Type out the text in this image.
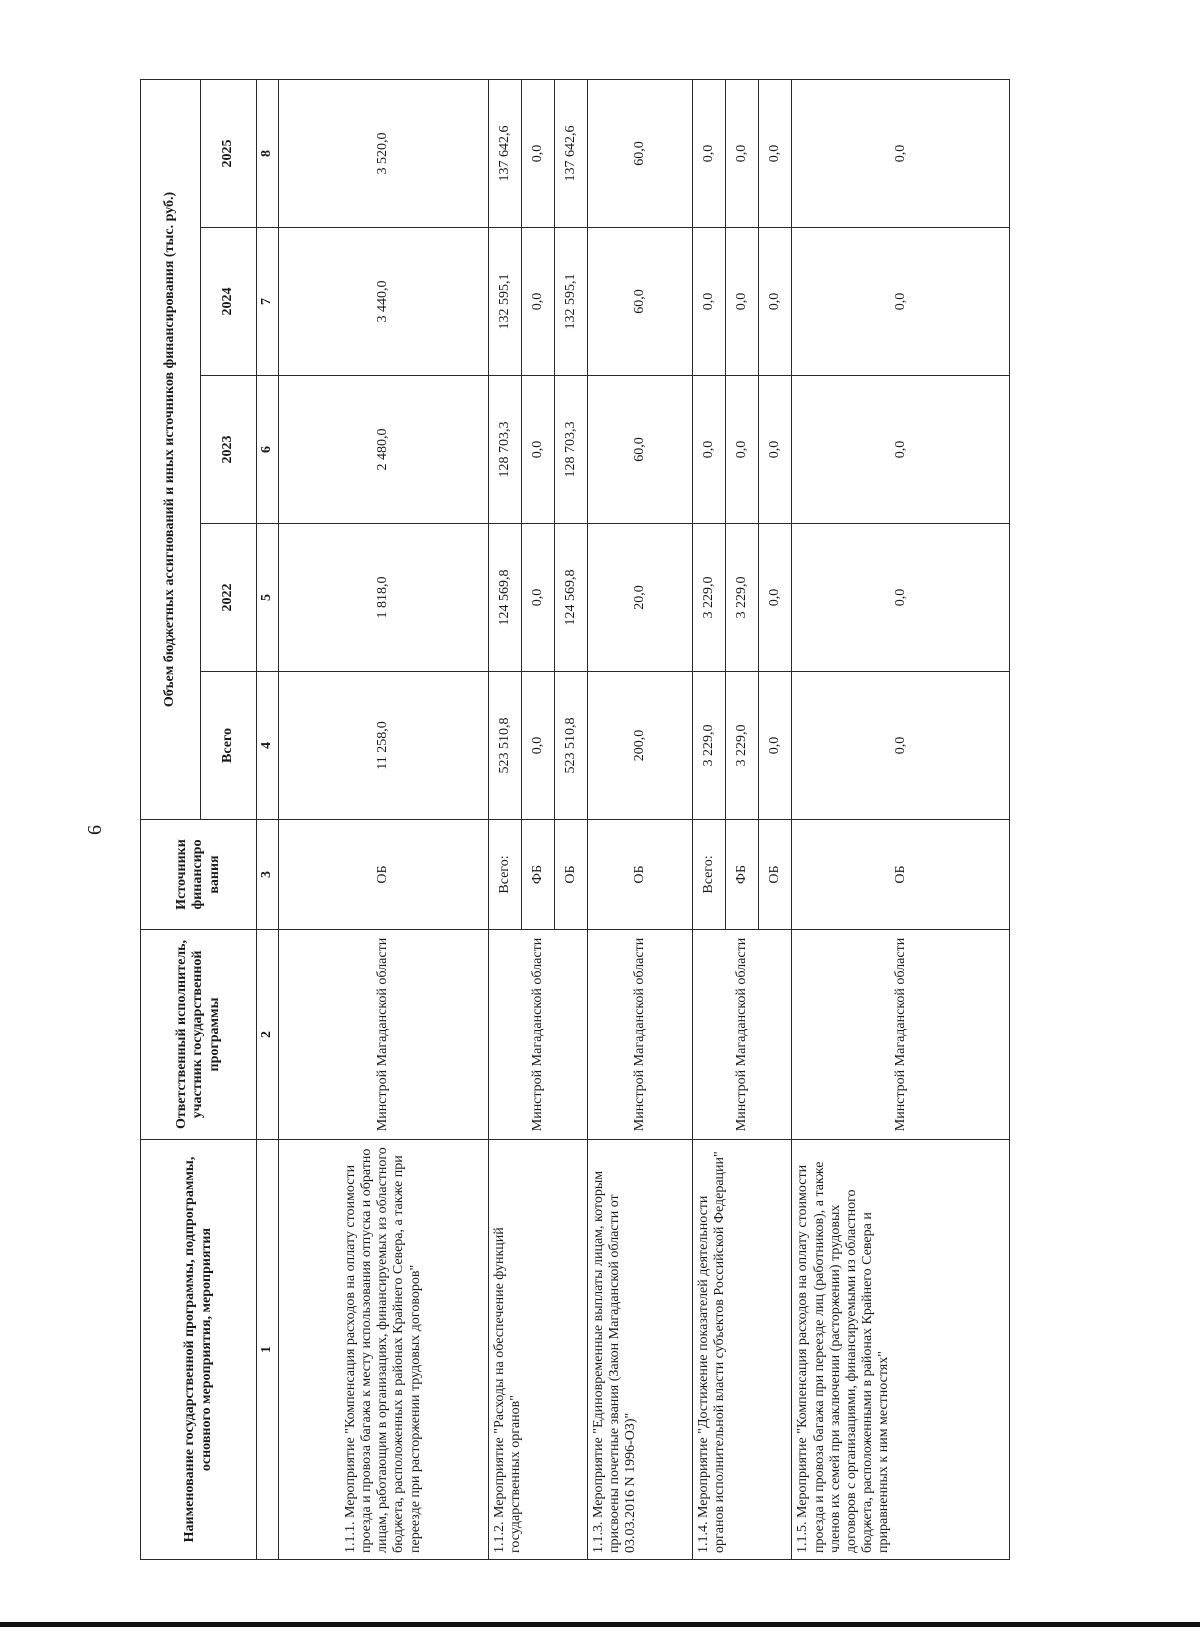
6
Наименование государственной программы, подпрограммы, основного мероприятия, мероприятия	Ответственный исполнитель, участник государственной программы	Источники финансиро вания	Объем бюджетных ассигнований и иных источников финансирования (тыс. руб.)				
			Всего	2022	2023	2024	2025
1	2	3	4	5	6	7	8
1.1.1. Мероприятие "Компенсация расходов на оплату стоимости проезда и провоза багажа к месту использования отпуска и обратно лицам, работающим в организациях, финансируемых из областного бюджета, расположенных в районах Крайнего Севера, а также при переезде при расторжении трудовых договоров"	Минстрой Магаданской области	ОБ	11 258,0	1 818,0	2 480,0	3 440,0	3 520,0
1.1.2. Мероприятие "Расходы на обеспечение функций государственных органов"	Минстрой Магаданской области	Всего:	523 510,8	124 569,8	128 703,3	132 595,1	137 642,6
		ФБ	0,0	0,0	0,0	0,0	0,0
		ОБ	523 510,8	124 569,8	128 703,3	132 595,1	137 642,6
1.1.3. Мероприятие "Единовременные выплаты лицам, которым присвоены почетные звания (Закон Магаданской области от 03.03.2016 N 1996-ОЗ)"	Минстрой Магаданской области	ОБ	200,0	20,0	60,0	60,0	60,0
1.1.4. Мероприятие "Достижение показателей деятельности органов исполнительной власти субъектов Российской Федерации"	Минстрой Магаданской области	Всего:	3 229,0	3 229,0	0,0	0,0	0,0
		ФБ	3 229,0	3 229,0	0,0	0,0	0,0
		ОБ	0,0	0,0	0,0	0,0	0,0
1.1.5. Мероприятие "Компенсация расходов на оплату стоимости проезда и провоза багажа при переезде лиц (работников), а также членов их семей при заключении (расторжении) трудовых договоров с организациями, финансируемыми из областного бюджета, расположенными в районах Крайнего Севера и приравненных к ним местностях"	Минстрой Магаданской области	ОБ	0,0	0,0	0,0	0,0	0,0
